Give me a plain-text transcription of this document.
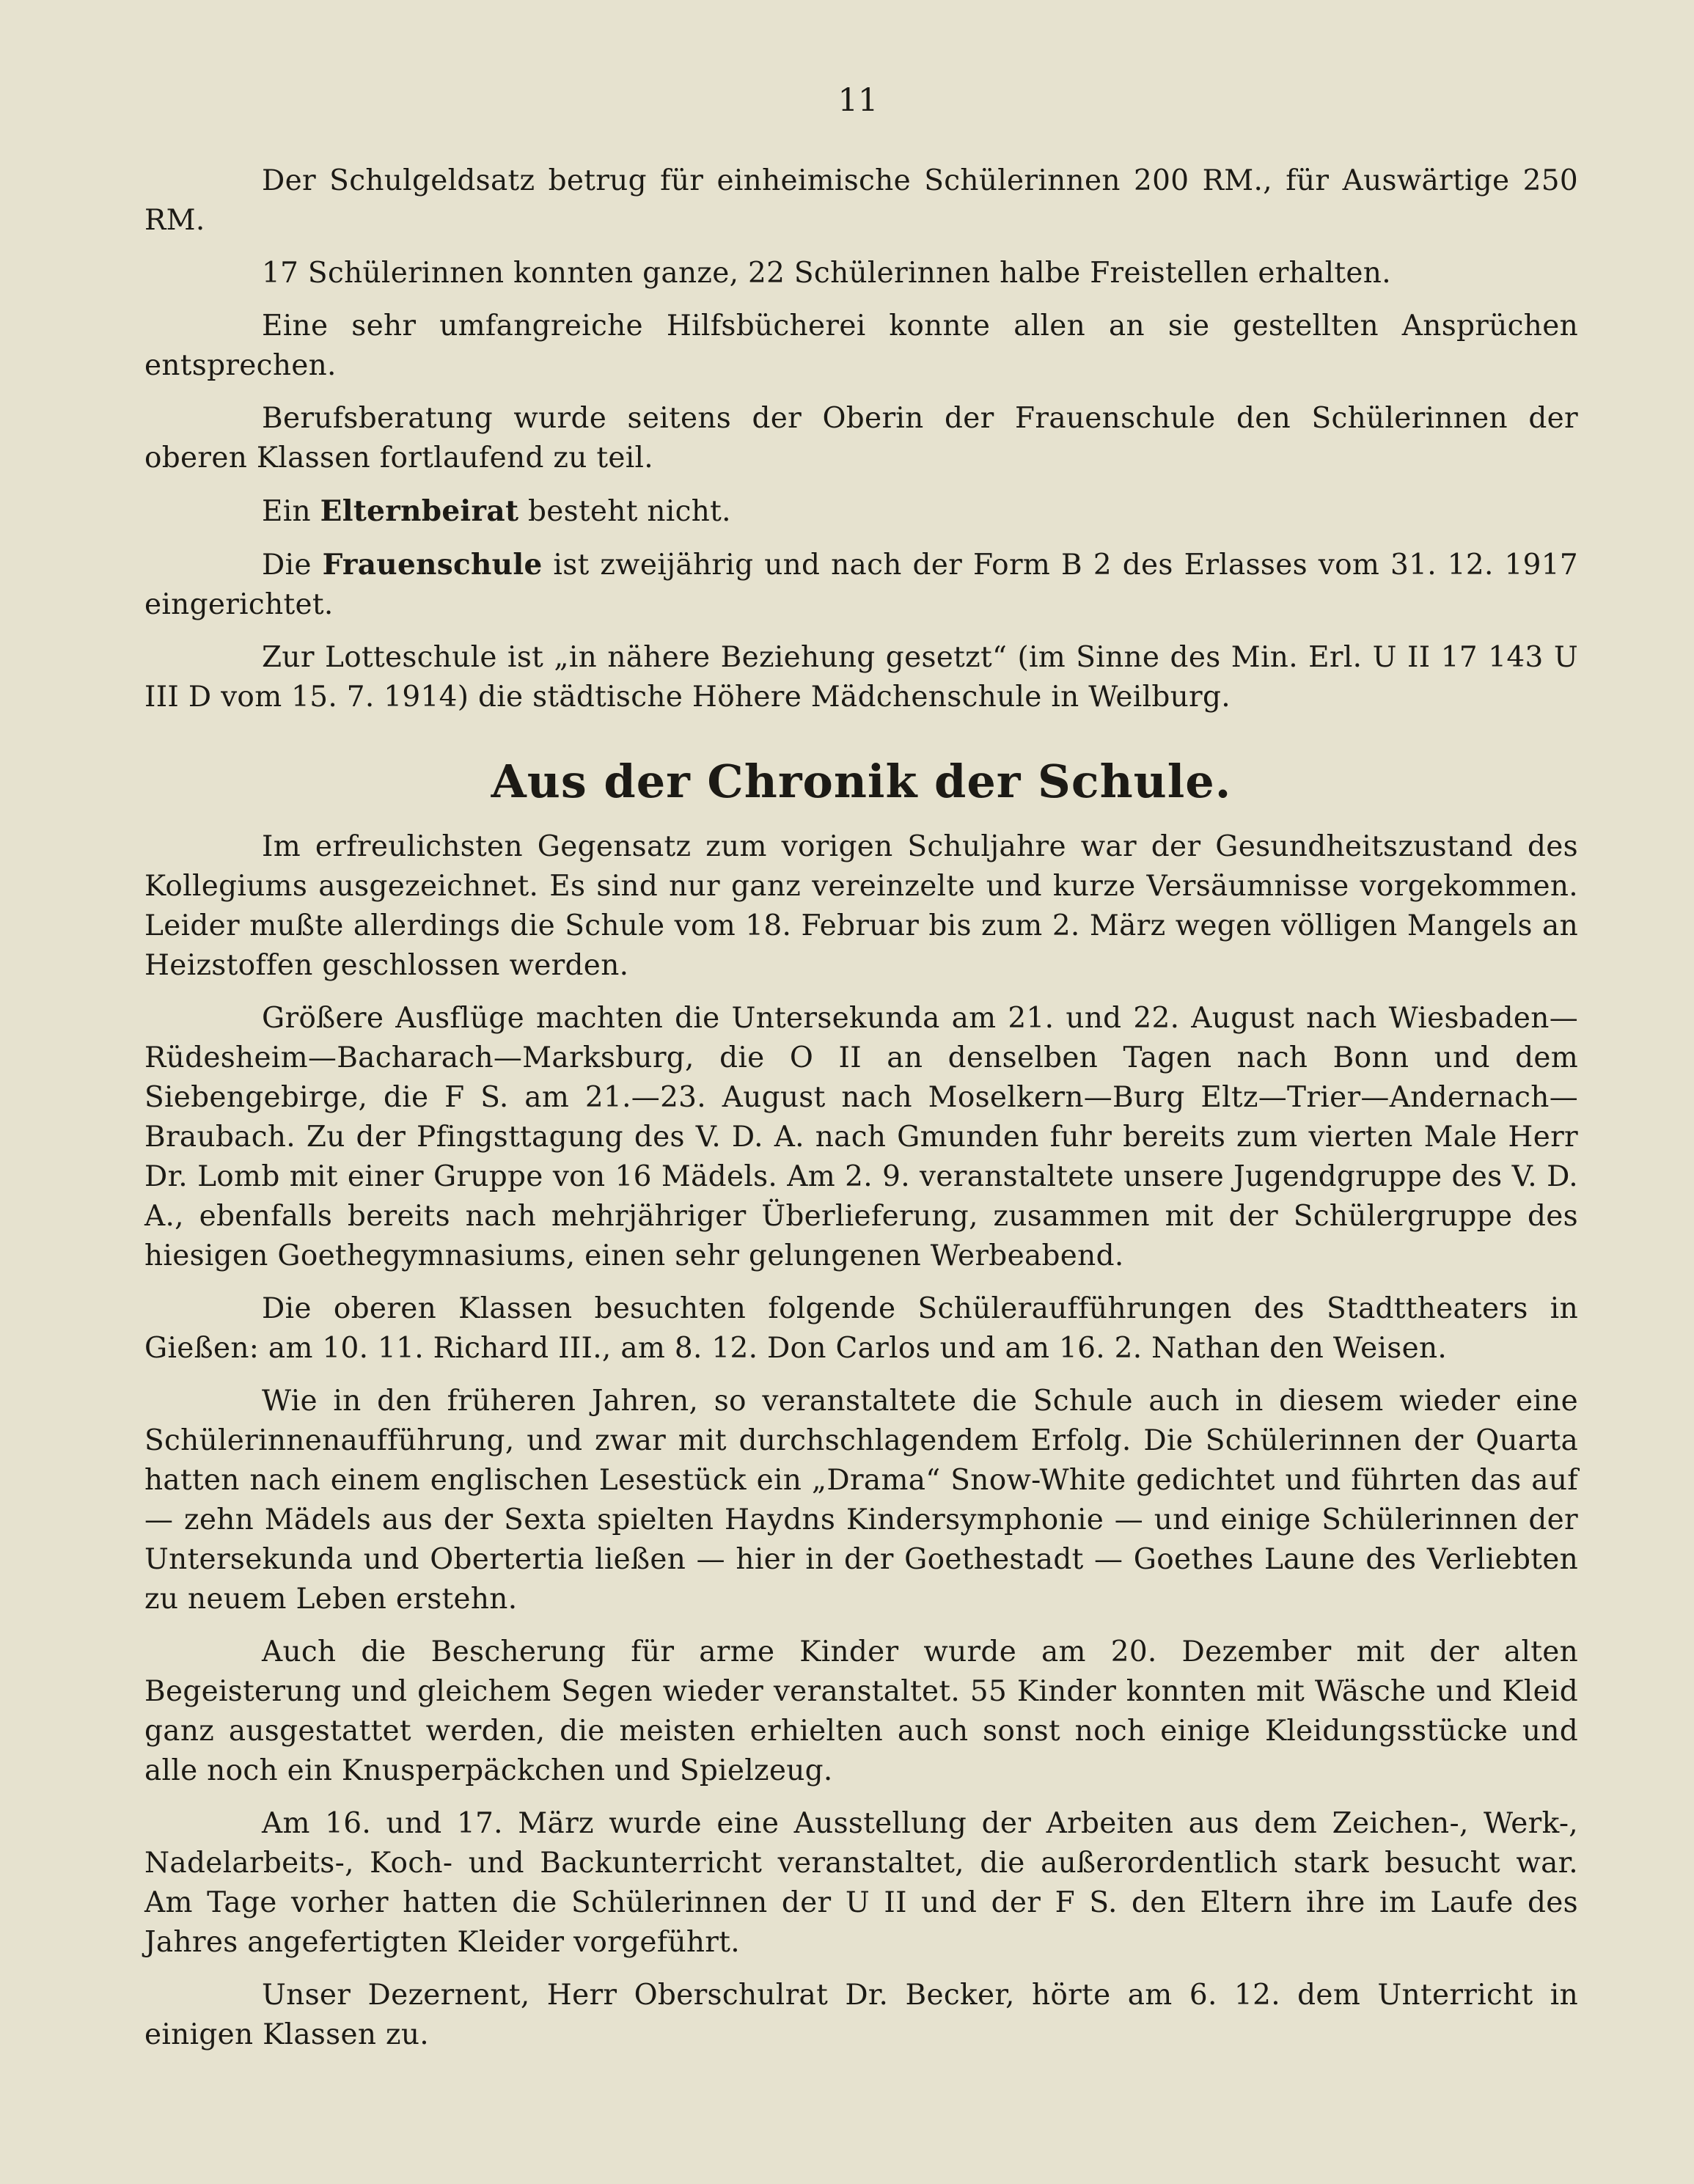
11

Der Schulgeldsatz betrug für einheimische Schülerinnen 200 RM., für Auswärtige 250 RM.

17 Schülerinnen konnten ganze, 22 Schülerinnen halbe Freistellen erhalten.

Eine sehr umfangreiche Hilfsbücherei konnte allen an sie gestellten Ansprüchen entsprechen.

Berufsberatung wurde seitens der Oberin der Frauenschule den Schülerinnen der oberen Klassen fortlaufend zu teil.

Ein Elternbeirat besteht nicht.

Die Frauenschule ist zweijährig und nach der Form B 2 des Erlasses vom 31. 12. 1917 eingerichtet.

Zur Lotteschule ist „in nähere Beziehung gesetzt“ (im Sinne des Min. Erl. U II 17 143 U III D vom 15. 7. 1914) die städtische Höhere Mädchenschule in Weilburg.

Aus der Chronik der Schule.

Im erfreulichsten Gegensatz zum vorigen Schuljahre war der Gesundheitszustand des Kollegiums ausgezeichnet. Es sind nur ganz vereinzelte und kurze Versäumnisse vorgekommen. Leider mußte allerdings die Schule vom 18. Februar bis zum 2. März wegen völligen Mangels an Heizstoffen geschlossen werden.

Größere Ausflüge machten die Untersekunda am 21. und 22. August nach Wiesbaden—Rüdesheim—Bacharach—Marksburg, die O II an denselben Tagen nach Bonn und dem Siebengebirge, die F S. am 21.—23. August nach Moselkern—Burg Eltz—Trier—Andernach—Braubach. Zu der Pfingsttagung des V. D. A. nach Gmunden fuhr bereits zum vierten Male Herr Dr. Lomb mit einer Gruppe von 16 Mädels. Am 2. 9. veranstaltete unsere Jugendgruppe des V. D. A., ebenfalls bereits nach mehrjähriger Überlieferung, zusammen mit der Schülergruppe des hiesigen Goethegymnasiums, einen sehr gelungenen Werbeabend.

Die oberen Klassen besuchten folgende Schüleraufführungen des Stadttheaters in Gießen: am 10. 11. Richard III., am 8. 12. Don Carlos und am 16. 2. Nathan den Weisen.

Wie in den früheren Jahren, so veranstaltete die Schule auch in diesem wieder eine Schülerinnenaufführung, und zwar mit durchschlagendem Erfolg. Die Schülerinnen der Quarta hatten nach einem englischen Lesestück ein „Drama“ Snow-White gedichtet und führten das auf — zehn Mädels aus der Sexta spielten Haydns Kindersymphonie — und einige Schülerinnen der Untersekunda und Obertertia ließen — hier in der Goethestadt — Goethes Laune des Verliebten zu neuem Leben erstehn.

Auch die Bescherung für arme Kinder wurde am 20. Dezember mit der alten Begeisterung und gleichem Segen wieder veranstaltet. 55 Kinder konnten mit Wäsche und Kleid ganz ausgestattet werden, die meisten erhielten auch sonst noch einige Kleidungsstücke und alle noch ein Knusperpäckchen und Spielzeug.

Am 16. und 17. März wurde eine Ausstellung der Arbeiten aus dem Zeichen-, Werk-, Nadelarbeits-, Koch- und Backunterricht veranstaltet, die außerordentlich stark besucht war. Am Tage vorher hatten die Schülerinnen der U II und der F S. den Eltern ihre im Laufe des Jahres angefertigten Kleider vorgeführt.

Unser Dezernent, Herr Oberschulrat Dr. Becker, hörte am 6. 12. dem Unterricht in einigen Klassen zu.
